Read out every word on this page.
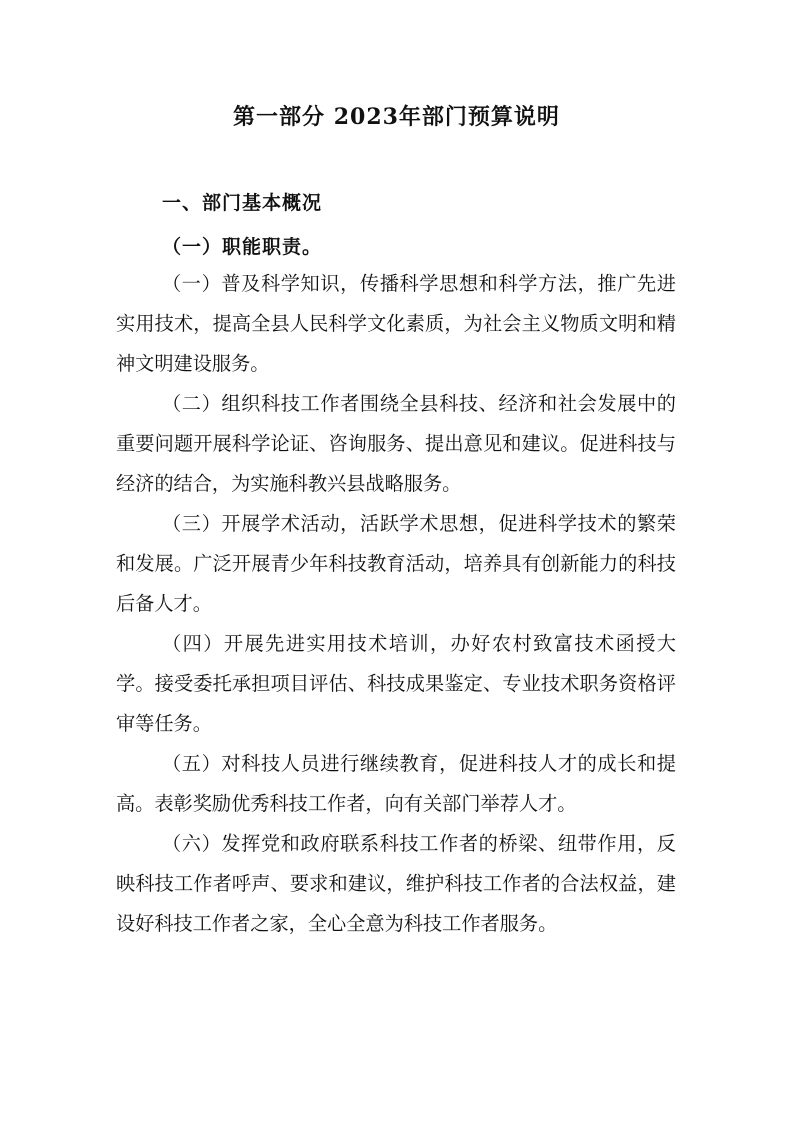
第一部分 2023年部门预算说明
一、部门基本概况
（一）职能职责。

（一）普及科学知识，传播科学思想和科学方法，推广先进实用技术，提高全县人民科学文化素质，为社会主义物质文明和精神文明建设服务。

（二）组织科技工作者围绕全县科技、经济和社会发展中的重要问题开展科学论证、咨询服务、提出意见和建议。促进科技与经济的结合，为实施科教兴县战略服务。

（三）开展学术活动，活跃学术思想，促进科学技术的繁荣和发展。广泛开展青少年科技教育活动，培养具有创新能力的科技后备人才。

（四）开展先进实用技术培训，办好农村致富技术函授大学。接受委托承担项目评估、科技成果鉴定、专业技术职务资格评审等任务。

（五）对科技人员进行继续教育，促进科技人才的成长和提高。表彰奖励优秀科技工作者，向有关部门举荐人才。

（六）发挥党和政府联系科技工作者的桥梁、纽带作用，反映科技工作者呼声、要求和建议，维护科技工作者的合法权益，建设好科技工作者之家，全心全意为科技工作者服务。
